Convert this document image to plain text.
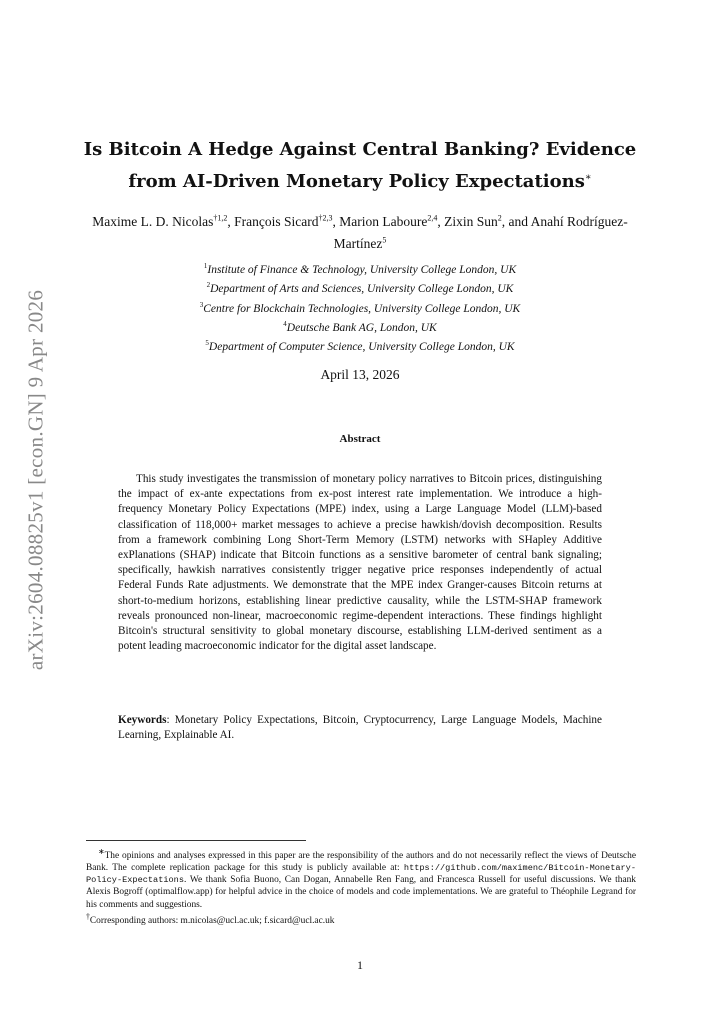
arXiv:2604.08825v1 [econ.GN] 9 Apr 2026
Is Bitcoin A Hedge Against Central Banking? Evidence
from AI-Driven Monetary Policy Expectations∗
Maxime L. D. Nicolas$^{\dagger 1,2}$, François Sicard$^{\dagger 2,3}$, Marion Laboure$^{2,4}$, Zixin Sun$^2$, and Anahí Rodríguez-Martínez$^5$
$^1$Institute of Finance & Technology, University College London, UK
$^2$Department of Arts and Sciences, University College London, UK
$^3$Centre for Blockchain Technologies, University College London, UK
$^4$Deutsche Bank AG, London, UK
$^5$Department of Computer Science, University College London, UK
April 13, 2026
Abstract
This study investigates the transmission of monetary policy narratives to Bitcoin prices, distinguishing the impact of ex-ante expectations from ex-post interest rate implementation. We introduce a high-frequency Monetary Policy Expectations (MPE) index, using a Large Language Model (LLM)-based classification of 118,000+ market messages to achieve a precise hawkish/dovish decomposition. Results from a framework combining Long Short-Term Memory (LSTM) networks with SHapley Additive exPlanations (SHAP) indicate that Bitcoin functions as a sensitive barometer of central bank signaling; specifically, hawkish narratives consistently trigger negative price responses independently of actual Federal Funds Rate adjustments. We demonstrate that the MPE index Granger-causes Bitcoin returns at short-to-medium horizons, establishing linear predictive causality, while the LSTM-SHAP framework reveals pronounced non-linear, macroeconomic regime-dependent interactions. These findings highlight Bitcoin's structural sensitivity to global monetary discourse, establishing LLM-derived sentiment as a potent leading macroeconomic indicator for the digital asset landscape.
Keywords: Monetary Policy Expectations, Bitcoin, Cryptocurrency, Large Language Models, Machine Learning, Explainable AI.
∗The opinions and analyses expressed in this paper are the responsibility of the authors and do not necessarily reflect the views of Deutsche Bank. The complete replication package for this study is publicly available at: https://github.com/maximenc/Bitcoin-Monetary-Policy-Expectations. We thank Sofia Buono, Can Dogan, Annabelle Ren Fang, and Francesca Russell for useful discussions. We thank Alexis Bogroff (optimalflow.app) for helpful advice in the choice of models and code implementations. We are grateful to Théophile Legrand for his comments and suggestions.
†Corresponding authors: m.nicolas@ucl.ac.uk; f.sicard@ucl.ac.uk
1
